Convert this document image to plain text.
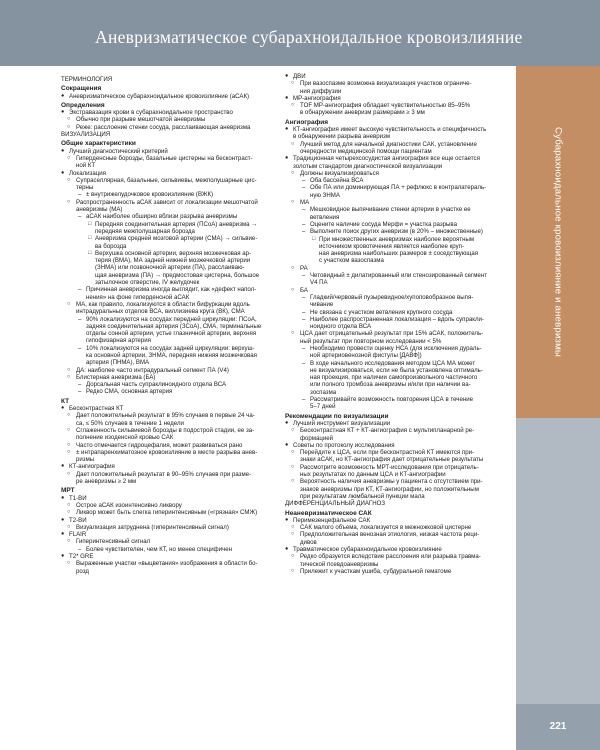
Аневризматическое субарахноидальное кровоизлияние
Субарахноидальное кровоизлияние и аневризмы
221
ТЕРМИНОЛОГИЯ
Сокращения
● Аневризматическое субарахноидальное кровоизлияние (аСАК)
Определения
● Экстравазация крови в субарахноидальное пространство
○ Обычно при разрыве мешотчатой аневризмы
○ Реже: расслоение стенки сосуда, расслаивающая аневризма
ВИЗУАЛИЗАЦИЯ
Общие характеристики
● Лучший диагностический критерий
○ Гиперденсные борозды, базальные цистерны на бесконтраст-
ной КТ
● Локализация
○ Супраселлярная, базальные, сильвиевы, межполушарные цис-
терны
– ± внутрижелудочковое кровоизлияние (ВЖК)
○ Распространенность аСАК зависит от локализации мешотчатой
аневризмы (МА)
– аСАК наиболее обширно вблизи разрыва аневризмы
□ Передняя соединительная артерия (ПСоА) аневризма →
передняя межполушарная борозда
□ Аневризма средней мозговой артерии (СМА) → сильвие-
ва борозда
□ Верхушка основной артерии, верхняя мозжечковая ар-
терия (ВМА), МА задней нижней мозжечковой артерии
(ЗНМА) или позвоночной артерии (ПА), расслаиваю-
щая аневризма (ПА) → предмостовая цистерна, большое
затылочное отверстие, IV желудочек
– Причинная аневризма иногда выглядит, как «дефект напол-
нения» на фоне гиперденсной аСАК
○ МА, как правило, локализуются в области бифуркации вдоль
интрадуральных отделов ВСА, виллизиева круга (ВК), СМА
– 90% локализуются на сосудах передней циркуляции: ПСоА,
задняя соединительная артерия (ЗСоА), СМА, терминальные
отделы сонной артерии, устье глазничной артерии, верхняя
гипофизарная артерия
– 10% локализуются на сосудах задней циркуляции: верхуш-
ка основной артерии, ЗНМА, передняя нижняя мозжечковая
артерия (ПНМА), ВМА
○ ДА: наиболее часто интрадуральный сегмент ПА (V4)
○ Блистерная аневризма (БА)
– Дорсальная часть супраклиноидного отдела ВСА
– Редко СМА, основная артерия
КТ
● Бесконтрастная КТ
○ Дает положительный результат в 95% случаев в первые 24 ча-
са, ≤ 50% случаев в течение 1 недели
○ Сглаженность сильвиевой борозды в подострой стадии, ее за-
полнение изоденсной кровью САК
○ Часто отмечается гидроцефалия, может развиваться рано
○ ± интрапаренхиматозное кровоизлияние в месте разрыва анев-
ризмы
● КТ-ангиография
○ Дает положительный результат в 90–95% случаев при разме-
ре аневризмы ≥ 2 мм
МРТ
● T1-ВИ
○ Острое аСАК изоинтенсивно ликвору
○ Ликвор может быть слегка гиперинтенсивным («грязная» СМЖ)
● T2-ВИ
○ Визуализация затруднена (гиперинтенсивный сигнал)
● FLAIR
○ Гиперинтенсивный сигнал
– Более чувствителен, чем КТ, но менее специфичен
● T2* GRE
○ Выраженные участки «выцветания» изображения в области бо-
розд
● ДВИ
○ При вазоспазме возможна визуализация участков ограниче-
ния диффузии
● МР-ангиография
○ TOF МР-ангиография обладает чувствительностью 85–95%
в обнаружении аневризм размерами ≥ 3 мм
Ангиография
● КТ-ангиография имеет высокую чувствительность и специфичность
в обнаружении разрыва аневризм
○ Лучший метод для начальной диагностики САК, установление
очередности медицинской помощи пациентам
● Традиционная четырехсосудистая ангиография все еще остается
золотым стандартом диагностической визуализации
○ Должны визуализироваться
– Оба бассейна ВСА
– Обе ПА или доминирующая ПА + рефлюкс в контралатераль-
ную ЗНМА
○ МА
– Мешковидное выпячивание стенки артерии в участке ее
ветвления
– Оцените наличие сосуда Мерфи = участка разрыва
– Выполните поиск других аневризм (в 20% – множественные)
□ При множественных аневризмах наиболее вероятным
источником кровотечения является наиболее круп-
ная аневризма наибольших размеров ± соседствующая
с участком вазоспазма
○ РА
– Четовидный ± дилатированный или стенозированный сегмент
V4 ПА
○ БА
– Гладкий/червовый пузыревидное/хупоповобразное выпя-
чивание
– Не связана с участком ветвления крупного сосуда
– Наиболее распространенная локализация – вдоль супракли-
ноидного отдела ВСА
○ ЦСА дает отрицательный результат при 15% аСАК, положитель-
ный результат при повторном исследовании < 5%
– Необходимо провести оценку НСА (для исключения дураль-
ной артериовенозной фистулы [ДАВФ])
– В ходе начального исследования методом ЦСА МА может
не визуализироваться, если не была установлена оптималь-
ная проекция, при наличии самопроизвольного частичного
или полного тромбоза аневризмы и/или при наличии ва-
зоспазма
– Рассматривайте возможность повторения ЦСА в течение
5–7 дней
Рекомендации по визуализации
● Лучший инструмент визуализации
○ Бесконтрастная КТ + КТ-ангиография с мультипланарной ре-
формацией
● Советы по протоколу исследования
○ Перейдите к ЦСА, если при бесконтрастной КТ имеются при-
знаки аСАК, но КТ-ангиография дает отрицательные результаты
○ Рассмотрите возможность МРТ-исследования при отрицатель-
ных результатах по данным ЦСА и КТ-ангиографии
○ Вероятность наличия аневризмы у пациента с отсутствием при-
знаков аневризмы при КТ, КТ-ангиографии, но положительным
при результатам люмбальной пункции мала
ДИФФЕРЕНЦИАЛЬНЫЙ ДИАГНОЗ
Неаневризматическое САК
● Перимезенцефальное САК
○ САК малого объема, локализуется в межножковой цистерне
○ Предположительная венозная этиология, низкая частота реци-
дивов
● Травматическое субарахноидальное кровоизлияние
○ Редко образуется вследствие расслоения или разрыва травма-
тической псевдоаневризмы
○ Прилежит к участкам ушиба, субдуральной гематоме
